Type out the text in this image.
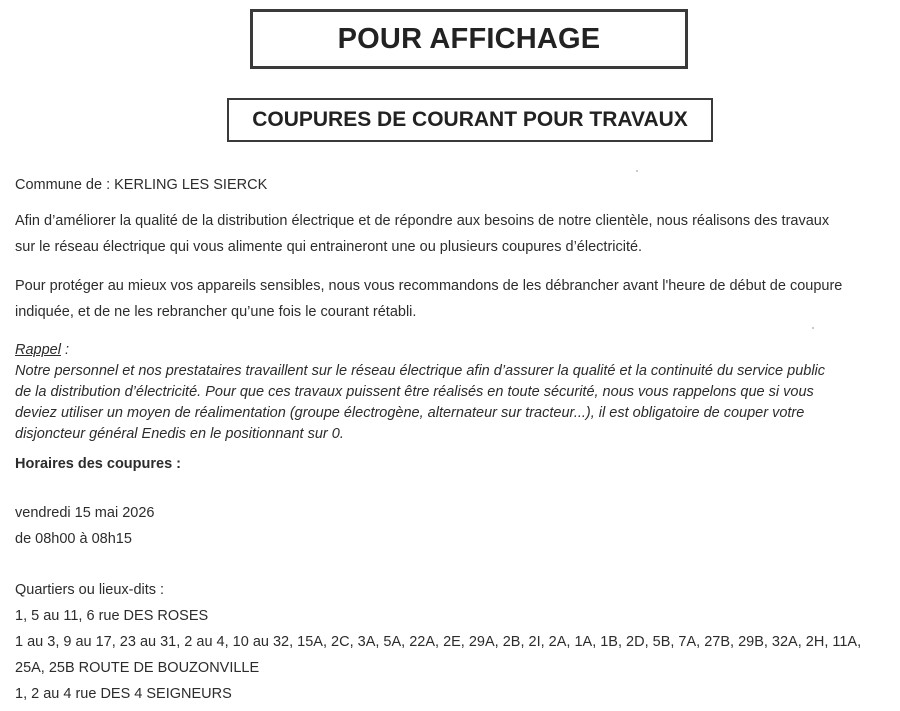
POUR AFFICHAGE
COUPURES DE COURANT POUR TRAVAUX
Commune de : KERLING LES SIERCK
Afin d’améliorer la qualité de la distribution électrique et de répondre aux besoins de notre clientèle, nous réalisons des travaux
sur le réseau électrique qui vous alimente qui entraineront une ou plusieurs coupures d’électricité.
Pour protéger au mieux vos appareils sensibles, nous vous recommandons de les débrancher avant l'heure de début de coupure
indiquée, et de ne les rebrancher qu’une fois le courant rétabli.
Rappel :
Notre personnel et nos prestataires travaillent sur le réseau électrique afin d’assurer la qualité et la continuité du service public
de la distribution d’électricité. Pour que ces travaux puissent être réalisés en toute sécurité, nous vous rappelons que si vous
deviez utiliser un moyen de réalimentation (groupe électrogène, alternateur sur tracteur...), il est obligatoire de couper votre
disjoncteur général Enedis en le positionnant sur 0.
Horaires des coupures :
vendredi 15 mai 2026
de 08h00 à 08h15
Quartiers ou lieux-dits :
1, 5 au 11, 6 rue DES ROSES
1 au 3, 9 au 17, 23 au 31, 2 au 4, 10 au 32, 15A, 2C, 3A, 5A, 22A, 2E, 29A, 2B, 2I, 2A, 1A, 1B, 2D, 5B, 7A, 27B, 29B, 32A, 2H, 11A,
25A, 25B ROUTE DE BOUZONVILLE
1, 2 au 4 rue DES 4 SEIGNEURS
